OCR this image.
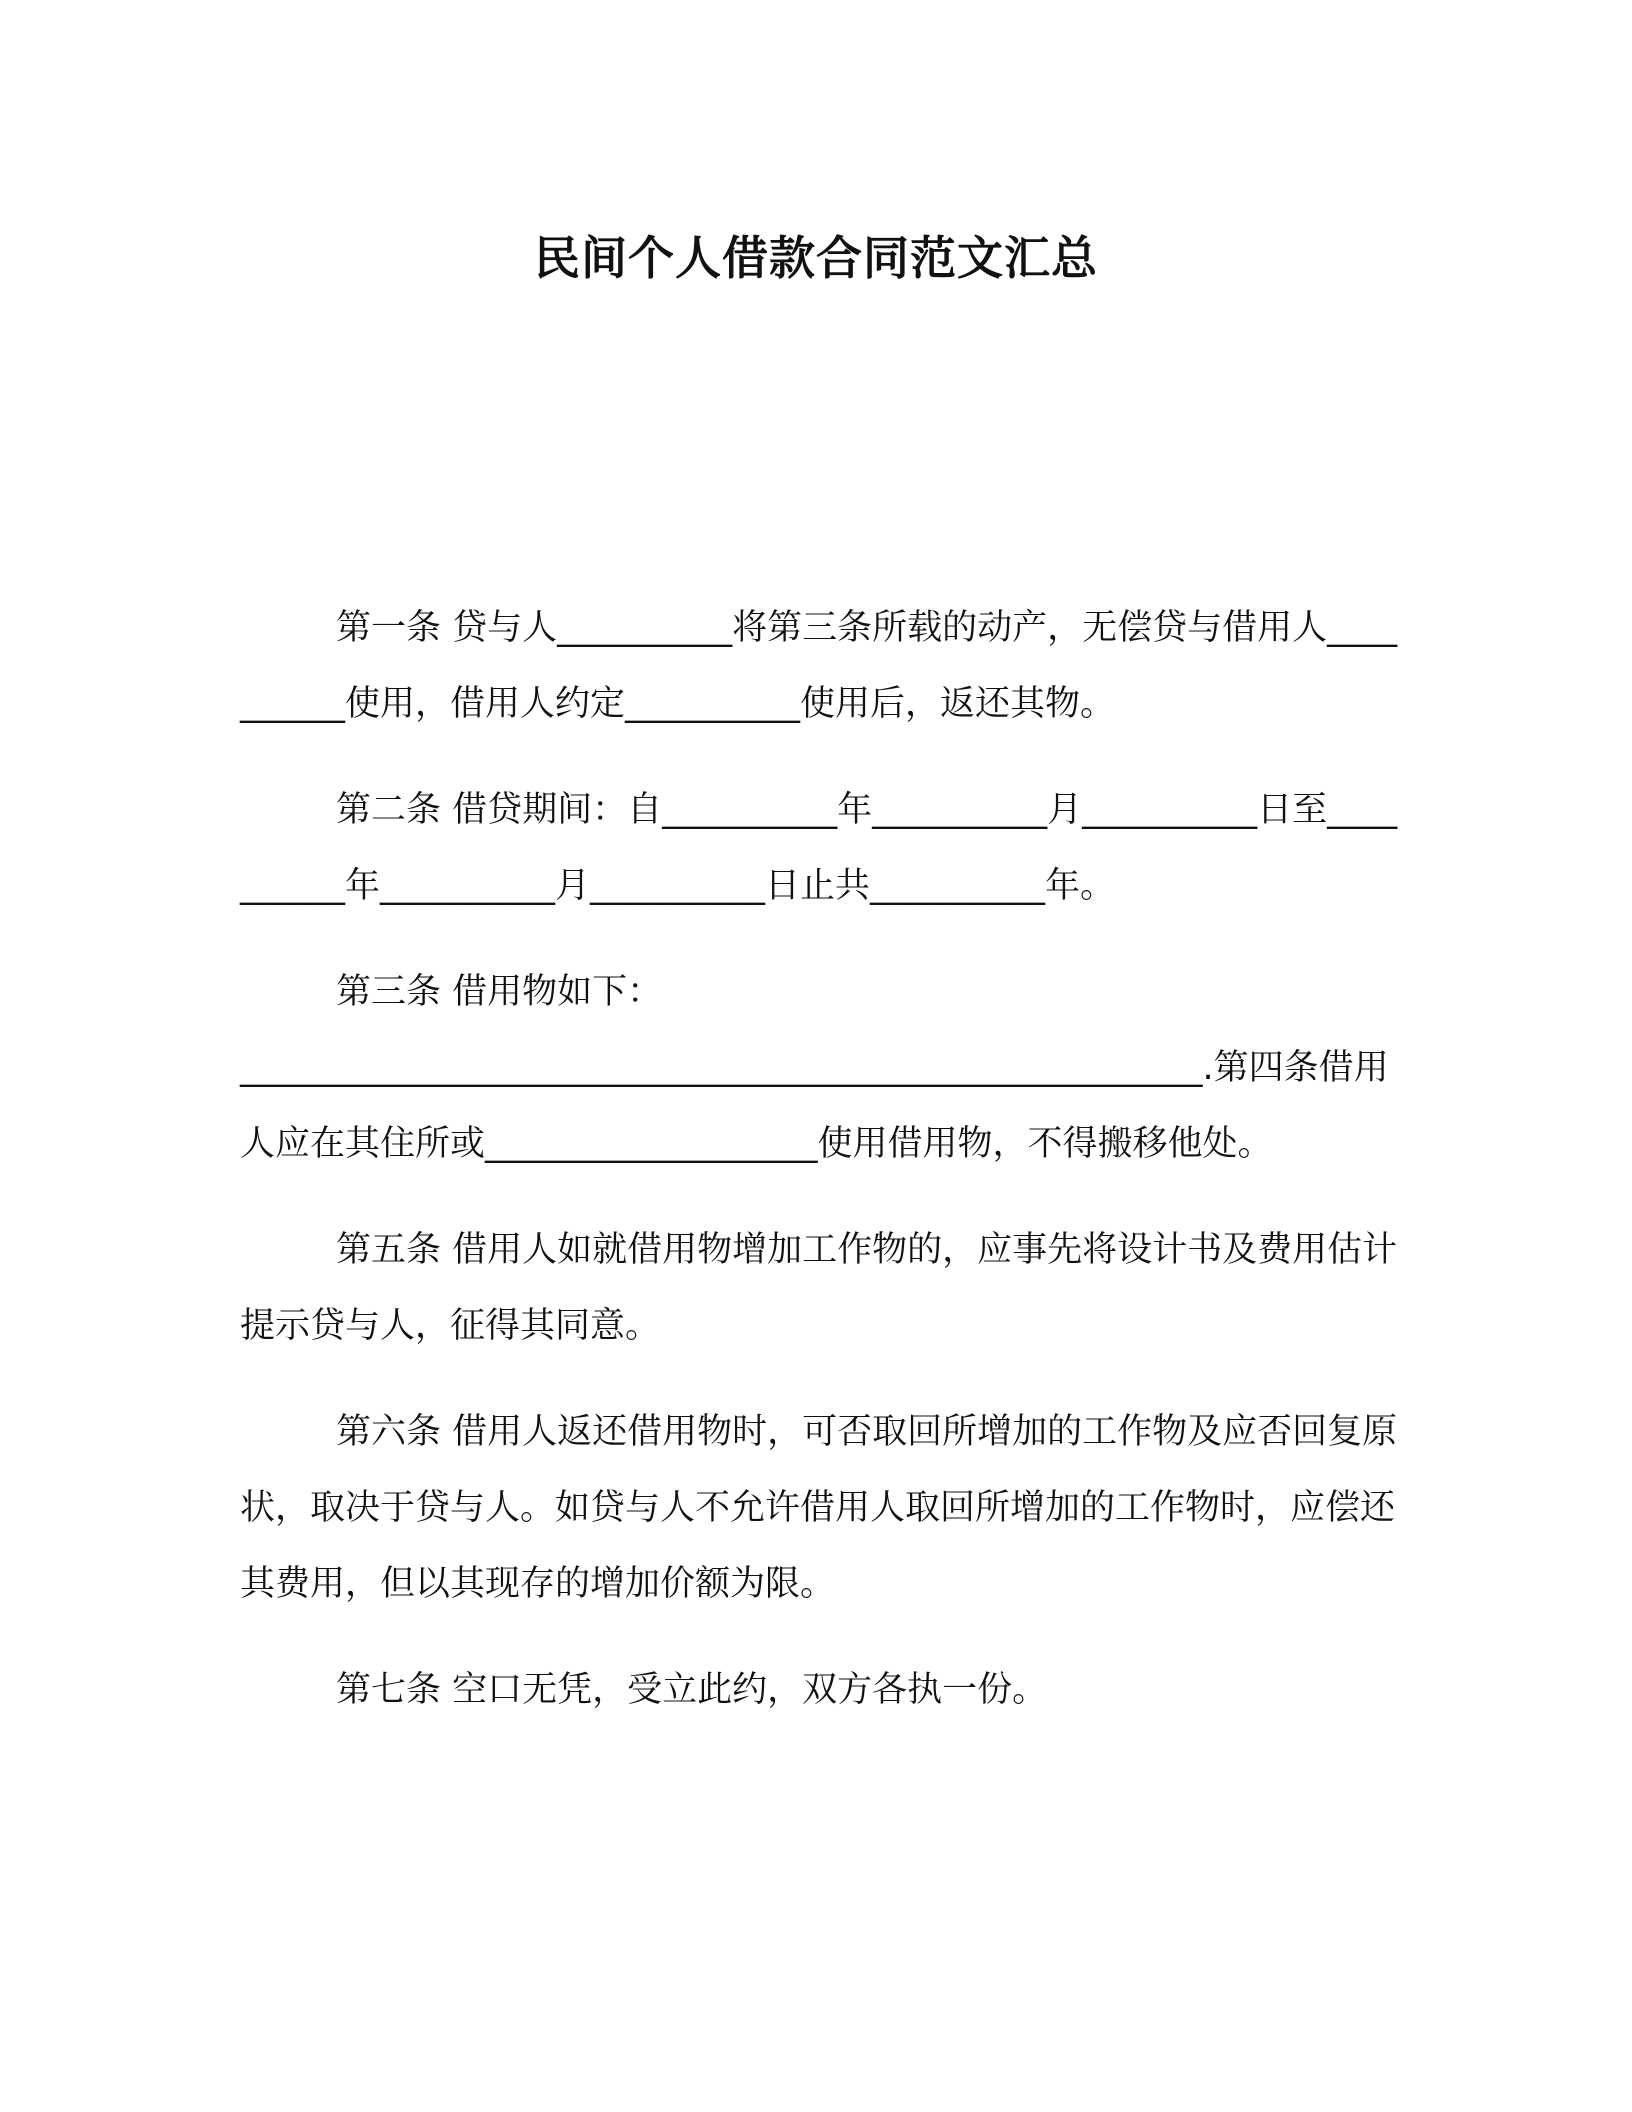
民间个人借款合同范文汇总

第一条 贷与人__________将第三条所载的动产，无偿贷与借用人__________使用，借用人约定__________使用后，返还其物。

第二条 借贷期间：自__________年__________月__________日至__________年__________月__________日止共__________年。

第三条 借用物如下：

_______________________________________________________.第四条借用人应在其住所或___________________使用借用物，不得搬移他处。

第五条 借用人如就借用物增加工作物的，应事先将设计书及费用估计提示贷与人，征得其同意。

第六条 借用人返还借用物时，可否取回所增加的工作物及应否回复原状，取决于贷与人。如贷与人不允许借用人取回所增加的工作物时，应偿还其费用，但以其现存的增加价额为限。

第七条 空口无凭，受立此约，双方各执一份。
